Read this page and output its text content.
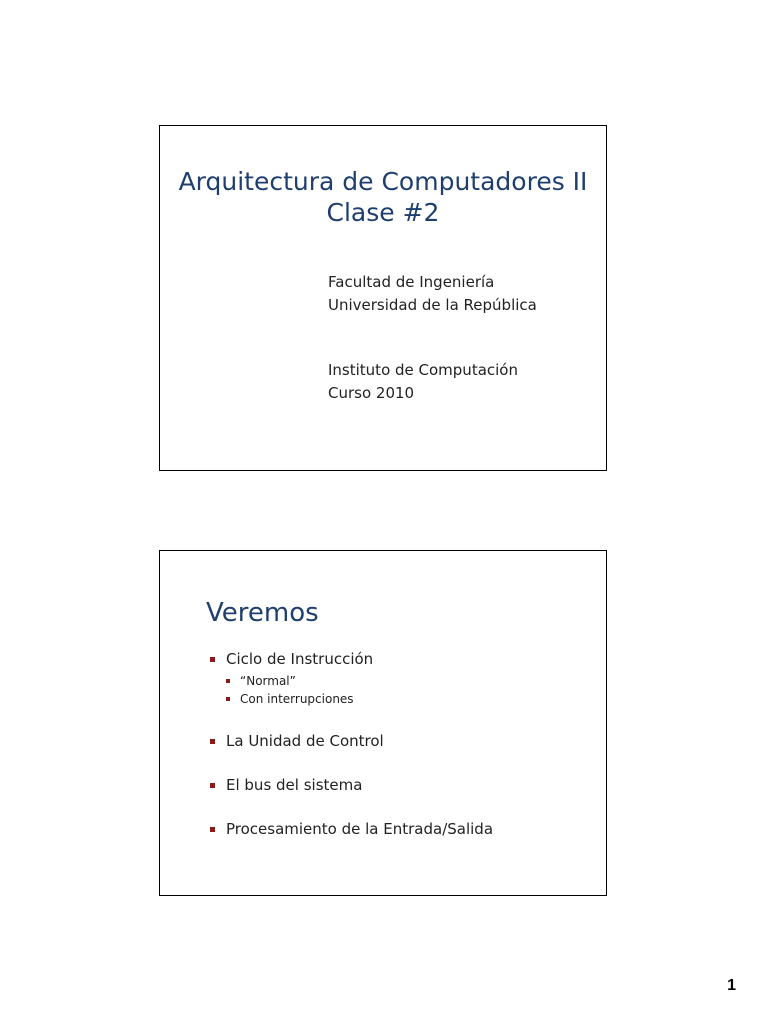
Arquitectura de Computadores II
Clase #2
Facultad de Ingeniería
Universidad de la República
Instituto de Computación
Curso 2010
Veremos
Ciclo de Instrucción
“Normal”
Con interrupciones
La Unidad de Control
El bus del sistema
Procesamiento de la Entrada/Salida
1
